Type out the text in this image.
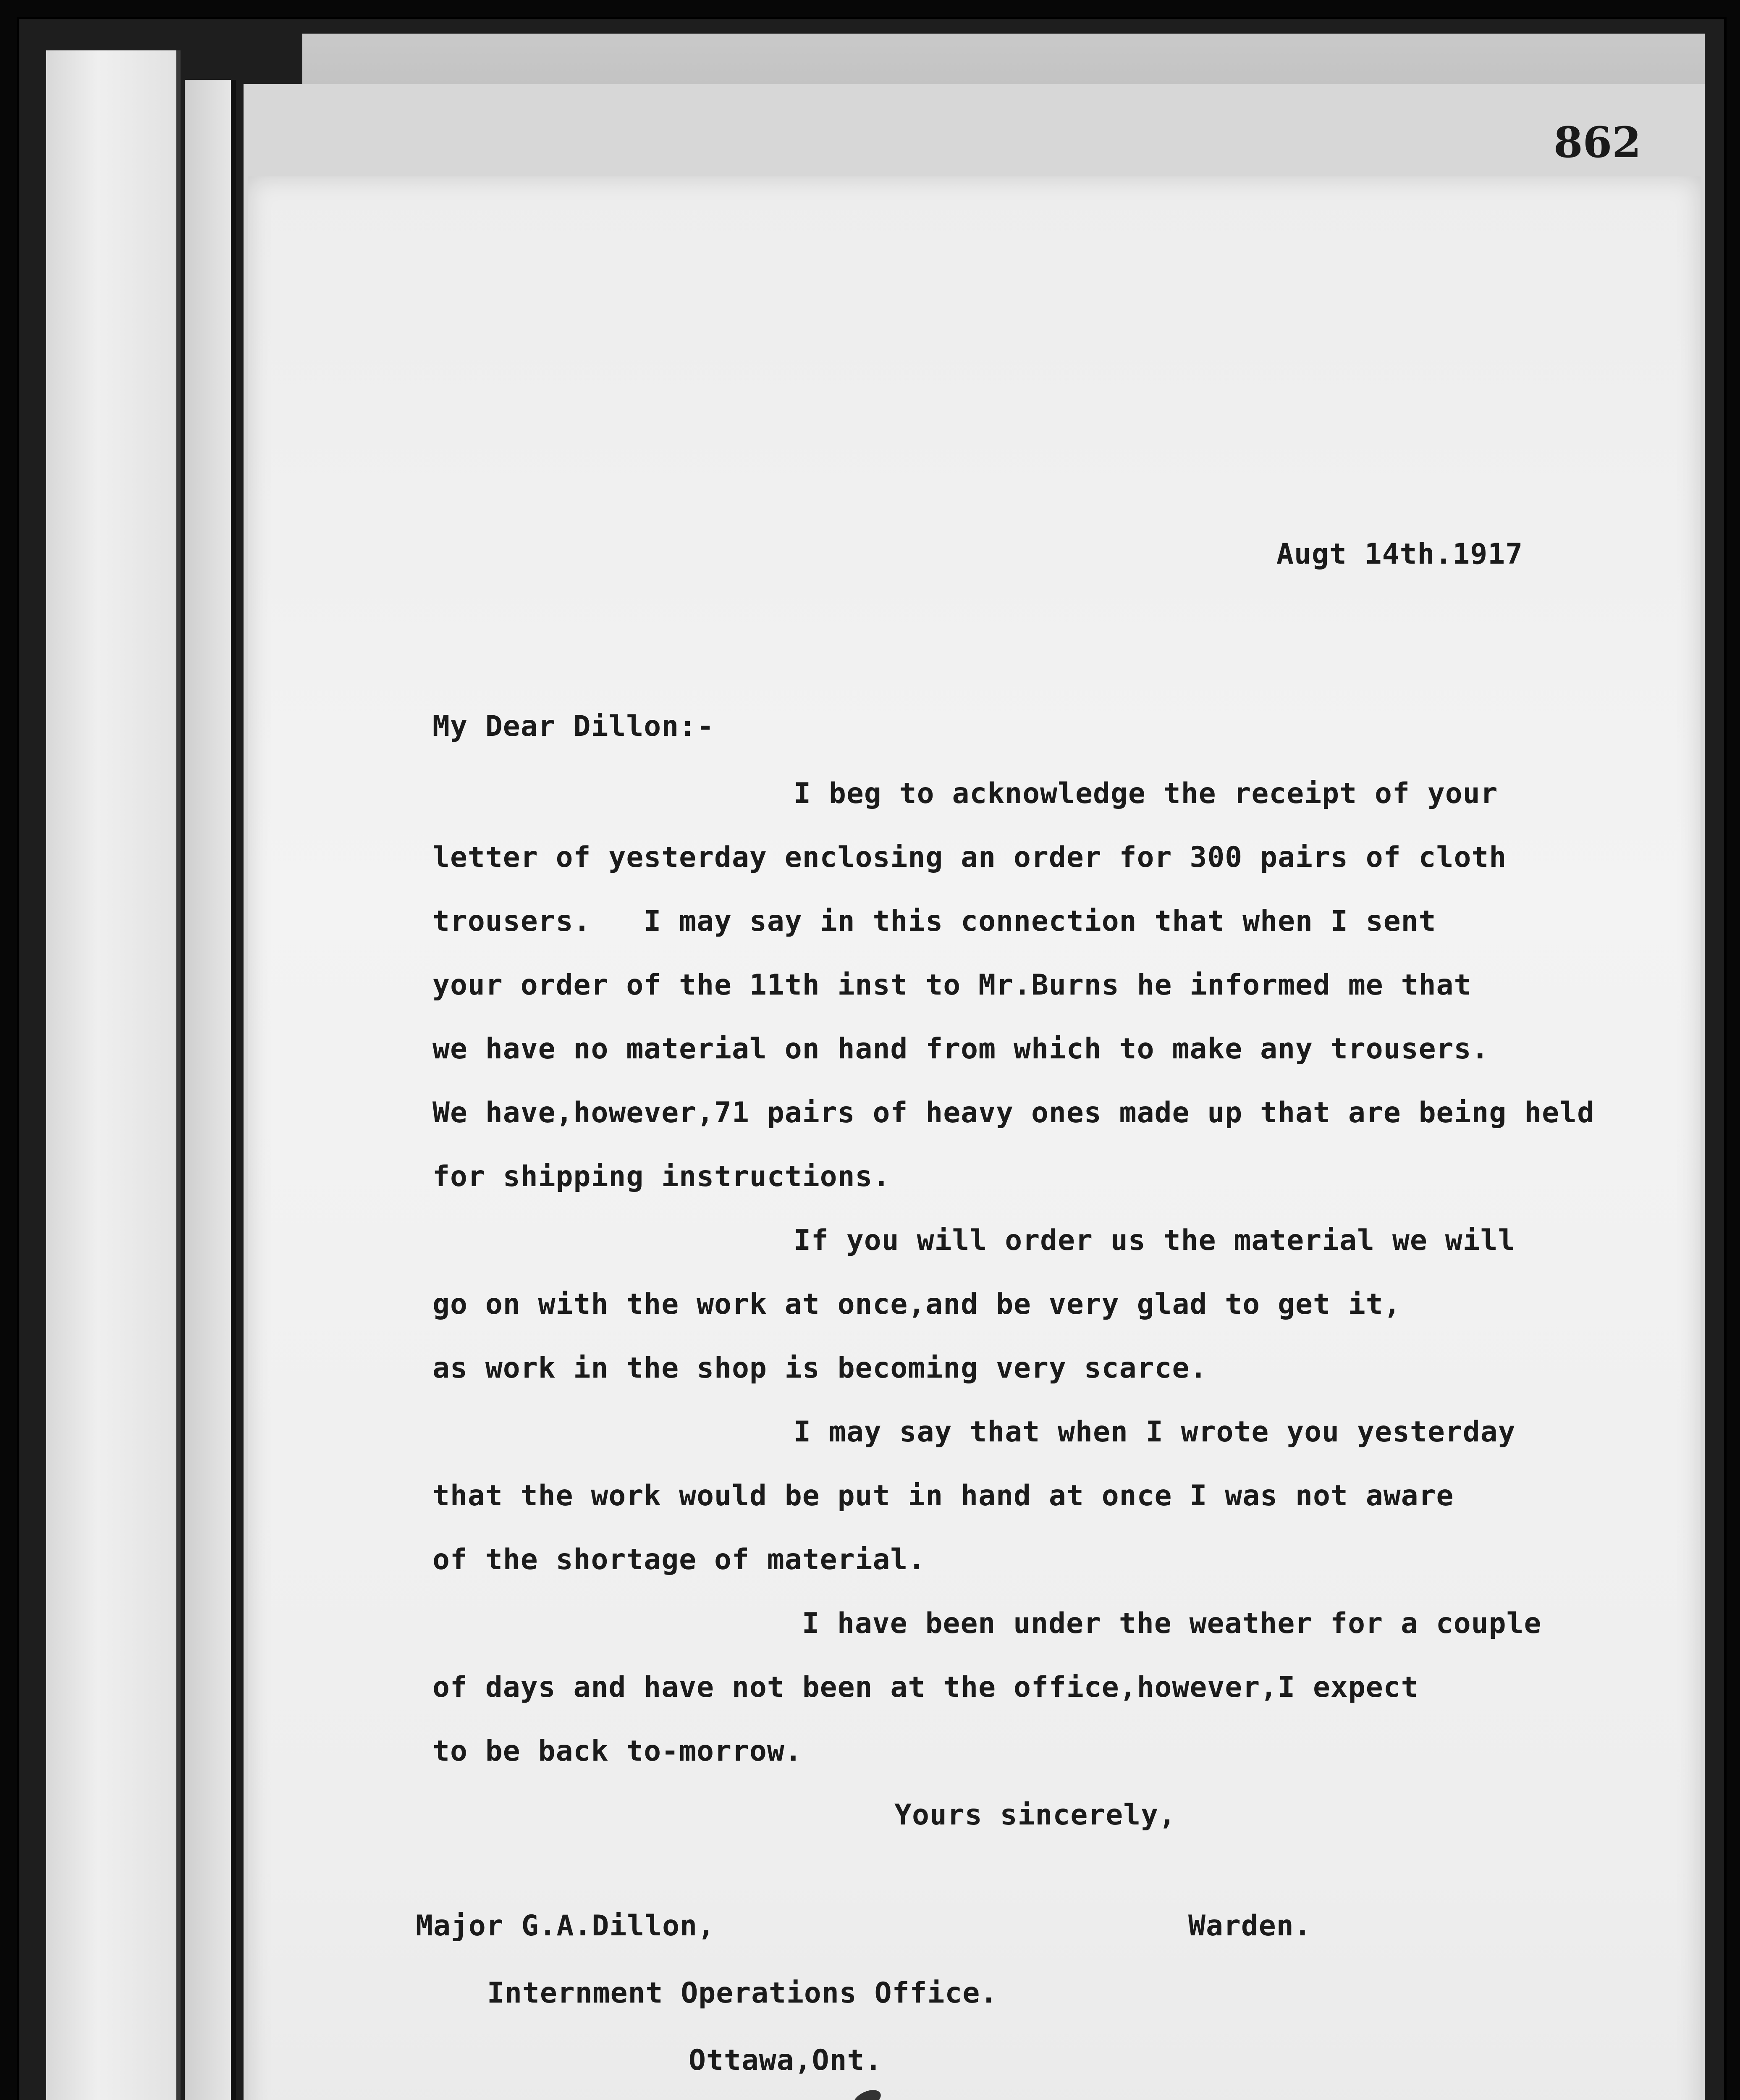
862
Augt 14th.1917
My Dear Dillon:-
I beg to acknowledge the receipt of your
letter of yesterday enclosing an order for 300 pairs of cloth
trousers.   I may say in this connection that when I sent
your order of the 11th inst to Mr.Burns he informed me that
we have no material on hand from which to make any trousers.
We have,however,71 pairs of heavy ones made up that are being held
for shipping instructions.
If you will order us the material we will
go on with the work at once,and be very glad to get it,
as work in the shop is becoming very scarce.
I may say that when I wrote you yesterday
that the work would be put in hand at once I was not aware
of the shortage of material.
I have been under the weather for a couple
of days and have not been at the office,however,I expect
to be back to-morrow.
Yours sincerely,
Major G.A.Dillon,	Warden.
Internment Operations Office.
Ottawa,Ont.
